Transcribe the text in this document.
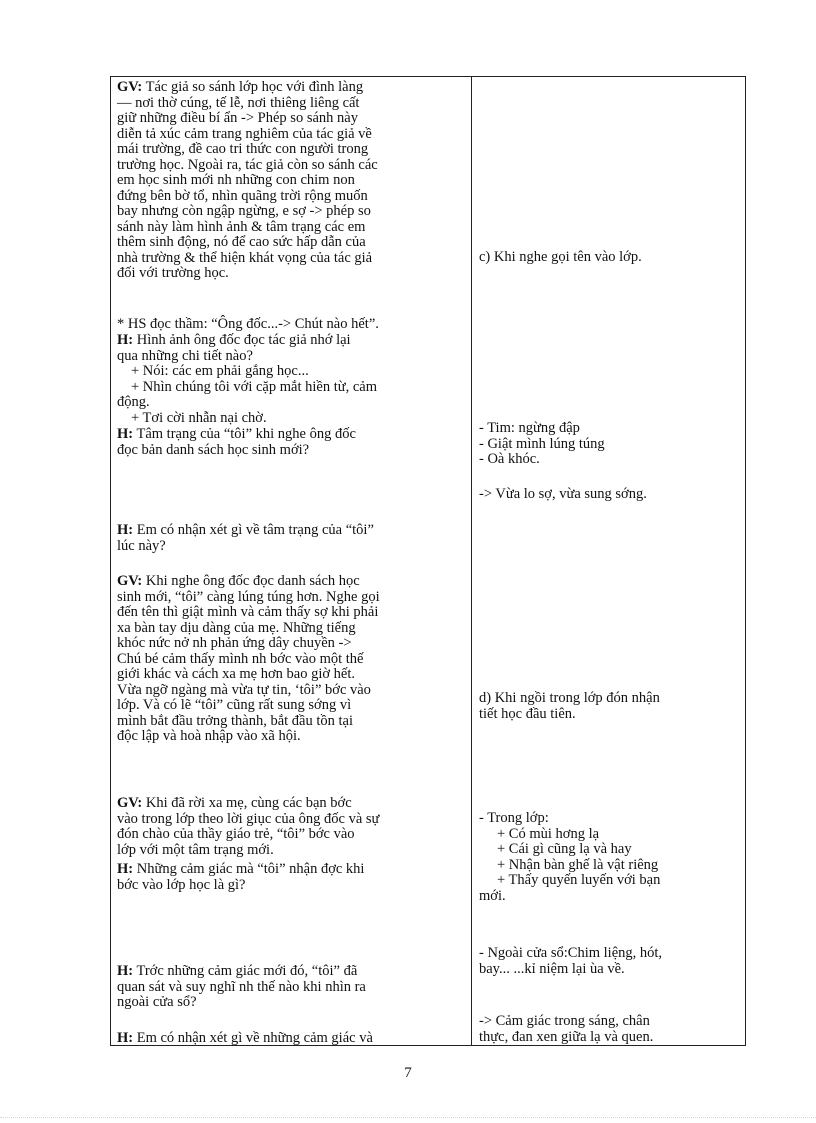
GV: Tác giả so sánh lớp học với đình làng
— nơi thờ cúng, tế lễ, nơi thiêng liêng cất
giữ những điều bí ẩn -> Phép so sánh này
diễn tả xúc cảm trang nghiêm của tác giả về
mái trường, đề cao tri thức con người trong
trường học. Ngoài ra, tác giả còn so sánh các
em học sinh mới nh những con chim non
đứng bên bờ tổ, nhìn quãng trời rộng muốn
bay nhưng còn ngập ngừng, e sợ -> phép so
sánh này làm hình ảnh & tâm trạng các em
thêm sinh động, nó để cao sức hấp dẫn của
nhà trường & thể hiện khát vọng của tác giả
đối với trường học.
* HS đọc thầm: “Ông đốc...-> Chút nào hết”.
H: Hình ảnh ông đốc đọc tác giả nhớ lại
qua những chi tiết nào?
+ Nói: các em phải gắng học...
+ Nhìn chúng tôi với cặp mắt hiền từ, cảm
động.
+ Tơi cời nhẫn nại chờ.
H: Tâm trạng của “tôi” khi nghe ông đốc
đọc bản danh sách học sinh mới?
H: Em có nhận xét gì về tâm trạng của “tôi”
lúc này?
GV: Khi nghe ông đốc đọc danh sách học
sinh mới, “tôi” càng lúng túng hơn. Nghe gọi
đến tên thì giật mình và cảm thấy sợ khi phải
xa bàn tay dịu dàng của mẹ. Những tiếng
khóc nức nở nh phản ứng dây chuyền ->
Chú bé cảm thấy mình nh bớc vào một thế
giới khác và cách xa mẹ hơn bao giờ hết.
Vừa ngỡ ngàng mà vừa tự tin, ‘tôi” bớc vào
lớp. Và có lẽ “tôi” cũng rất sung sớng vì
mình bắt đầu trởng thành, bắt đầu tồn tại
độc lập và hoà nhập vào xã hội.
GV: Khi đã rời xa mẹ, cùng các bạn bớc
vào trong lớp theo lời giục của ông đốc và sự
đón chào của thầy giáo trẻ, “tôi” bớc vào
lớp với một tâm trạng mới.
H: Những cảm giác mà “tôi” nhận đợc khi
bớc vào lớp học là gì?
H: Trớc những cảm giác mới đó, “tôi” đã
quan sát và suy nghĩ nh thế nào khi nhìn ra
ngoài cửa sổ?
H: Em có nhận xét gì về những cảm giác và
c) Khi nghe gọi tên vào lớp.
- Tim: ngừng đập
- Giật mình lúng túng
- Oà khóc.
-> Vừa lo sợ, vừa sung sớng.
d) Khi ngồi trong lớp đón nhận
tiết học đầu tiên.
- Trong lớp:
+ Có mùi hơng lạ
+ Cái gì cũng lạ và hay
+ Nhận bàn ghế là vật riêng
+ Thấy quyến luyến với bạn
mới.
- Ngoài cửa sổ:Chim liệng, hót,
bay... ...kỉ niệm lại ùa về.
-> Cảm giác trong sáng, chân
thực, đan xen giữa lạ và quen.
7
